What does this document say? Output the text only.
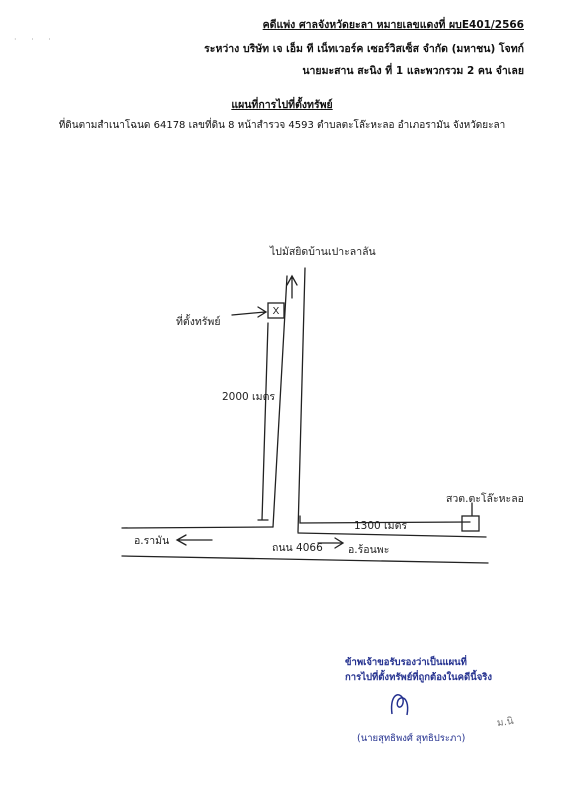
คดีแพ่ง ศาลจังหวัดยะลา หมายเลขแดงที่ ผบE401/2566
ระหว่าง บริษัท เจ เอ็ม ที เน็ทเวอร์ค เซอร์วิสเซ็ส จำกัด (มหาชน) โจทก์
นายมะสาน สะนิง ที่ 1 และพวกรวม 2 คน จำเลย
· · ·
แผนที่การไปที่ตั้งทรัพย์
ที่ดินตามสำเนาโฉนด 64178 เลขที่ดิน 8 หน้าสำรวจ 4593 ตำบลตะโล๊ะหะลอ อำเภอรามัน จังหวัดยะลา
X
ไปมัสยิดบ้านเปาะลาลัน
ที่ตั้งทรัพย์
2000 เมตร
1300 เมตร
สวต.ตะโล๊ะหะลอ
อ.รามัน
ถนน 4066 อ.ร้อนพะ
ข้าพเจ้าขอรับรองว่าเป็นแผนที่
การไปที่ตั้งทรัพย์ที่ถูกต้องในคดีนี้จริง
(นายสุทธิพงศ์ สุทธิประภา)
ม.นิ
